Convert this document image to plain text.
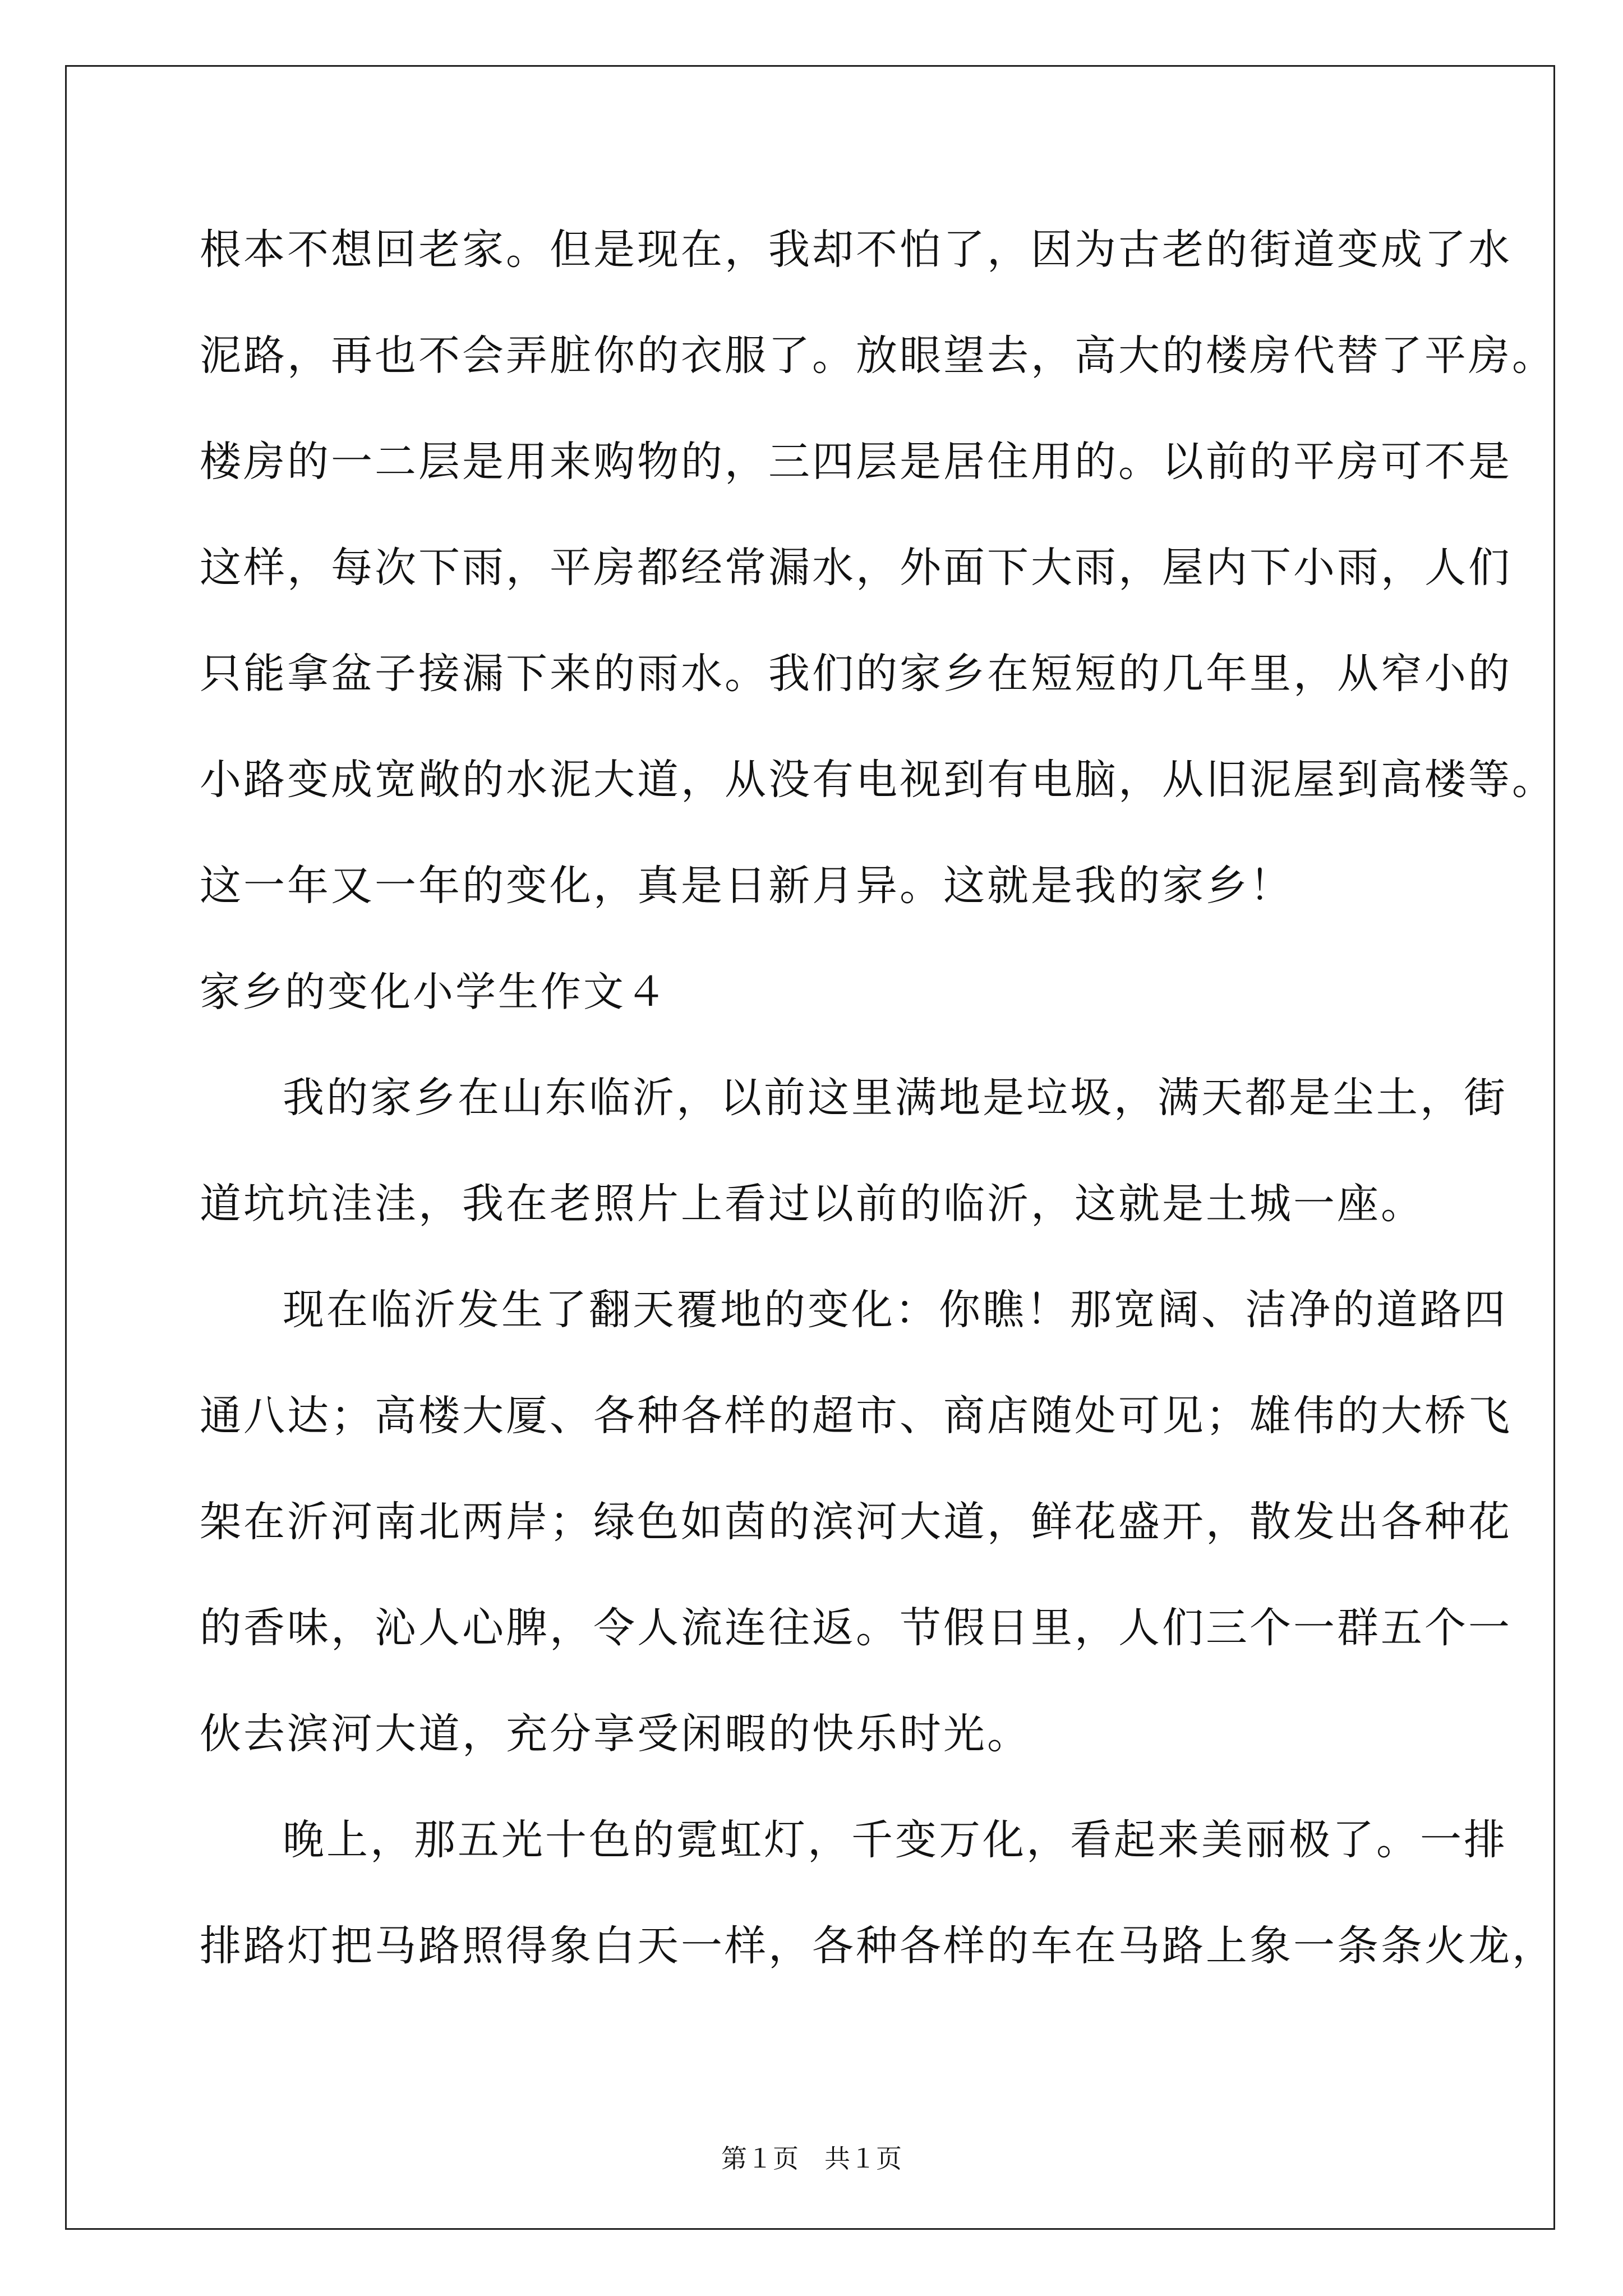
根本不想回老家。但是现在，我却不怕了，因为古老的街道变成了水
泥路，再也不会弄脏你的衣服了。放眼望去，高大的楼房代替了平房。
楼房的一二层是用来购物的，三四层是居住用的。以前的平房可不是
这样，每次下雨，平房都经常漏水，外面下大雨，屋内下小雨，人们
只能拿盆子接漏下来的雨水。我们的家乡在短短的几年里，从窄小的
小路变成宽敞的水泥大道，从没有电视到有电脑，从旧泥屋到高楼等。
这一年又一年的变化，真是日新月异。这就是我的家乡！
家乡的变化小学生作文４
我的家乡在山东临沂，以前这里满地是垃圾，满天都是尘土，街
道坑坑洼洼，我在老照片上看过以前的临沂，这就是土城一座。
现在临沂发生了翻天覆地的变化：你瞧！那宽阔、洁净的道路四
通八达；高楼大厦、各种各样的超市、商店随处可见；雄伟的大桥飞
架在沂河南北两岸；绿色如茵的滨河大道，鲜花盛开，散发出各种花
的香味，沁人心脾，令人流连往返。节假日里，人们三个一群五个一
伙去滨河大道，充分享受闲暇的快乐时光。
晚上，那五光十色的霓虹灯，千变万化，看起来美丽极了。一排
排路灯把马路照得象白天一样，各种各样的车在马路上象一条条火龙，
第１页　共１页
